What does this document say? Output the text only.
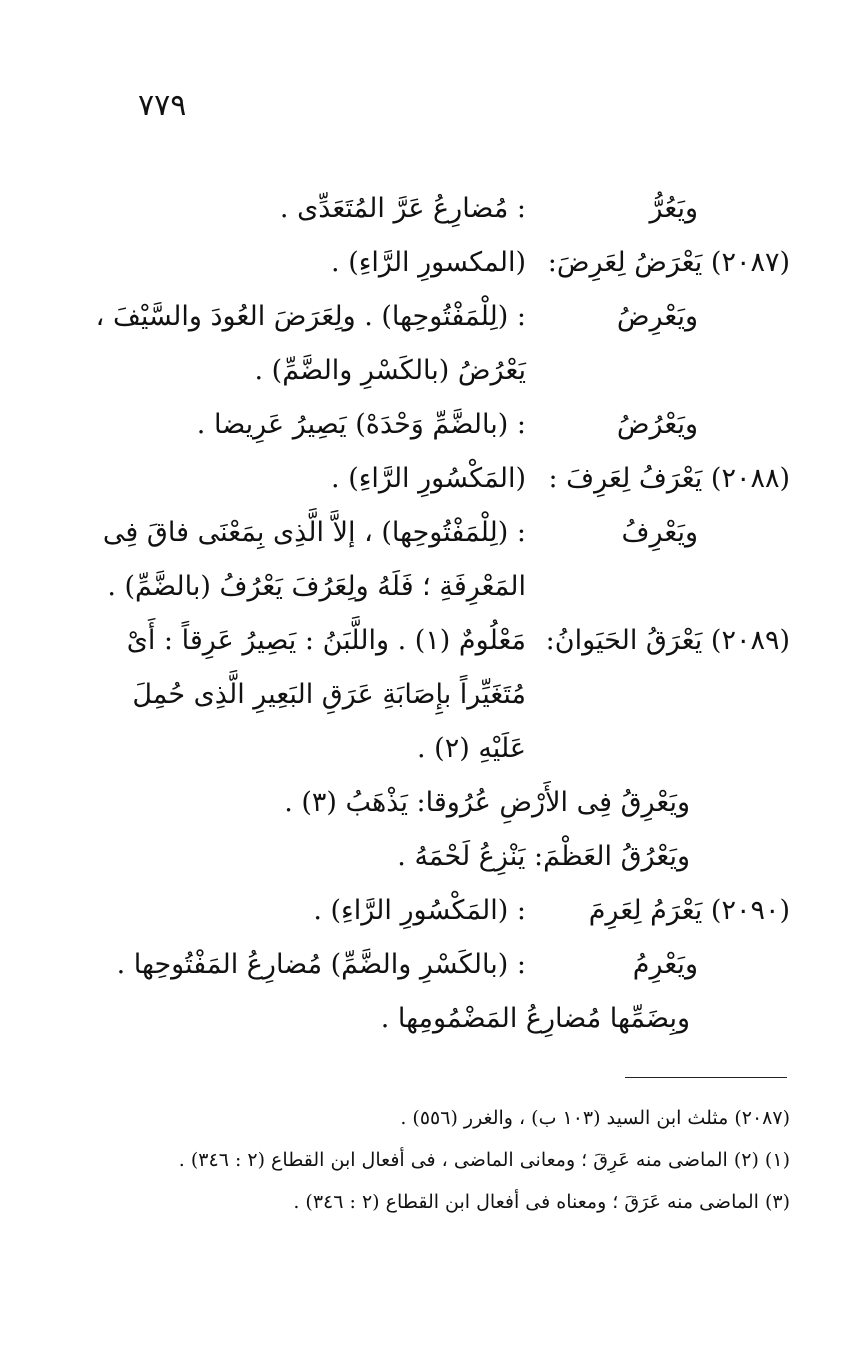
٧٧٩
ويَعُرُّ
: مُضارِعُ عَرَّ المُتَعَدِّى .
(٢٠٨٧) يَعْرَضُ لِعَرِضَ:
(المكسورِ الرَّاءِ) .
ويَعْرِضُ
: (لِلْمَفْتُوحِها) . ولِعَرَضَ العُودَ والسَّيْفَ ،
يَعْرُضُ (بالكَسْرِ والضَّمِّ) .
ويَعْرُضُ
: (بالضَّمِّ وَحْدَهْ) يَصِيرُ عَرِيضا .
(٢٠٨٨) يَعْرَفُ لِعَرِفَ :
(المَكْسُورِ الرَّاءِ) .
ويَعْرِفُ
: (لِلْمَفْتُوحِها) ، إلاَّ الَّذِى بِمَعْنَى فاقَ فِى
المَعْرِفَةِ ؛ فَلَهُ ولِعَرُفَ يَعْرُفُ (بالضَّمِّ) .
(٢٠٨٩) يَعْرَقُ الحَيَوانُ:
مَعْلُومٌ (١) . واللَّبَنُ : يَصِيرُ عَرِقاً : أَىْ
مُتَغَيِّراً بإِصَابَةِ عَرَقِ البَعِيرِ الَّذِى حُمِلَ
عَلَيْهِ (٢) .
ويَعْرِقُ فِى الأَرْضِ عُرُوقا: يَذْهَبُ (٣) .
ويَعْرُقُ العَظْمَ: يَنْزِعُ لَحْمَهُ .
(٢٠٩٠) يَعْرَمُ لِعَرِمَ
: (المَكْسُورِ الرَّاءِ) .
ويَعْرِمُ
: (بالكَسْرِ والضَّمِّ) مُضارِعُ المَفْتُوحِها .
وبِضَمِّها مُضارِعُ المَضْمُومِها .
(٢٠٨٧) مثلث ابن السيد (١٠٣ ب) ، والغرر (٥٥٦) .
(١) (٢) الماضى منه عَرِقَ ؛ ومعانى الماضى ، فى أفعال ابن القطاع (٢ : ٣٤٦) .
(٣) الماضى منه عَرَقَ ؛ ومعناه فى أفعال ابن القطاع (٢ : ٣٤٦) .
